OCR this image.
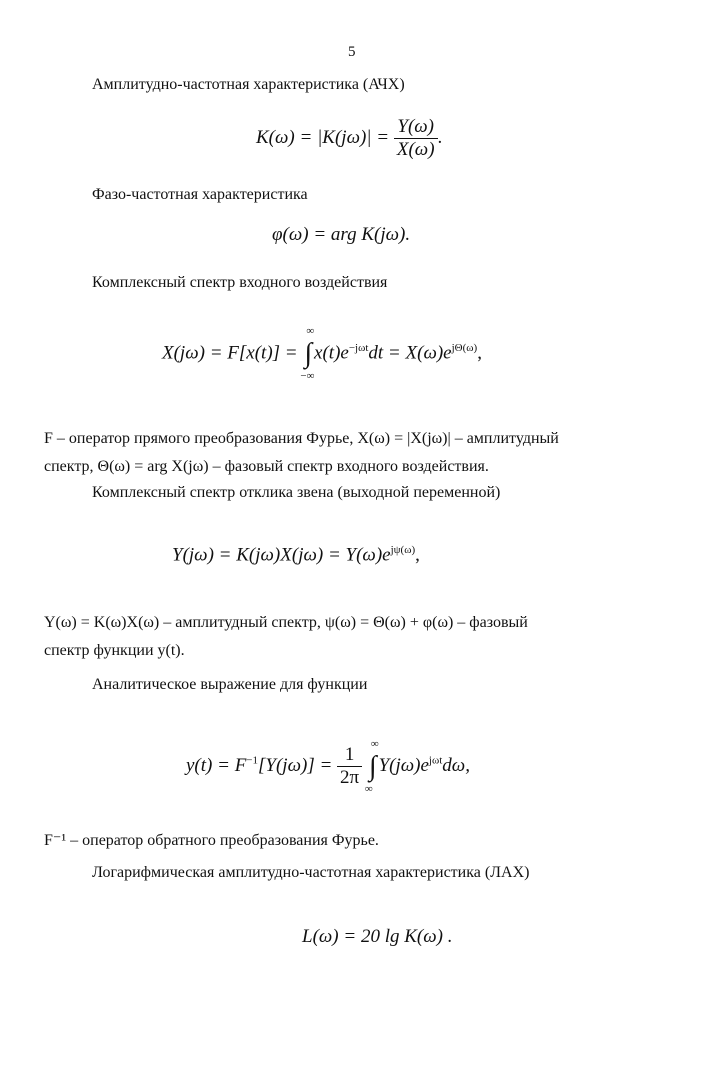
5
Амплитудно-частотная характеристика (АЧХ)
$K(\omega) = |K(j\omega)| = \frac{Y(\omega)}{X(\omega)}$ .
Фазо-частотная характеристика
φ(ω) = arg K(jω).
Комплексный спектр входного воздействия
X(jω) = F[x(t)] = ∫
∞
−∞
$x(t)e^{-j\omega t}dt = X(\omega)e^{j\Theta(\omega)}$,
F – оператор прямого преобразования Фурье, X(ω) = |X(jω)| – амплитудный
спектр, Θ(ω) = arg X(jω) – фазовый спектр входного воздействия.
Комплексный спектр отклика звена (выходной переменной)
$Y(j\omega) = K(j\omega)X(j\omega) = Y(\omega)e^{j\psi(\omega)}$,
Y(ω) = K(ω)X(ω) – амплитудный спектр, ψ(ω) = Θ(ω) + φ(ω) – фазовый
спектр функции y(t).
Аналитическое выражение для функции
$y(t) = F^{-1}[Y(j\omega)] = \frac{1}{2\pi}$ ∫
∞
∞
$Y(j\omega)e^{j\omega t}d\omega$,
F⁻¹ – оператор обратного преобразования Фурье.
Логарифмическая амплитудно-частотная характеристика (ЛАХ)
L(ω) = 20 lg K(ω) .
